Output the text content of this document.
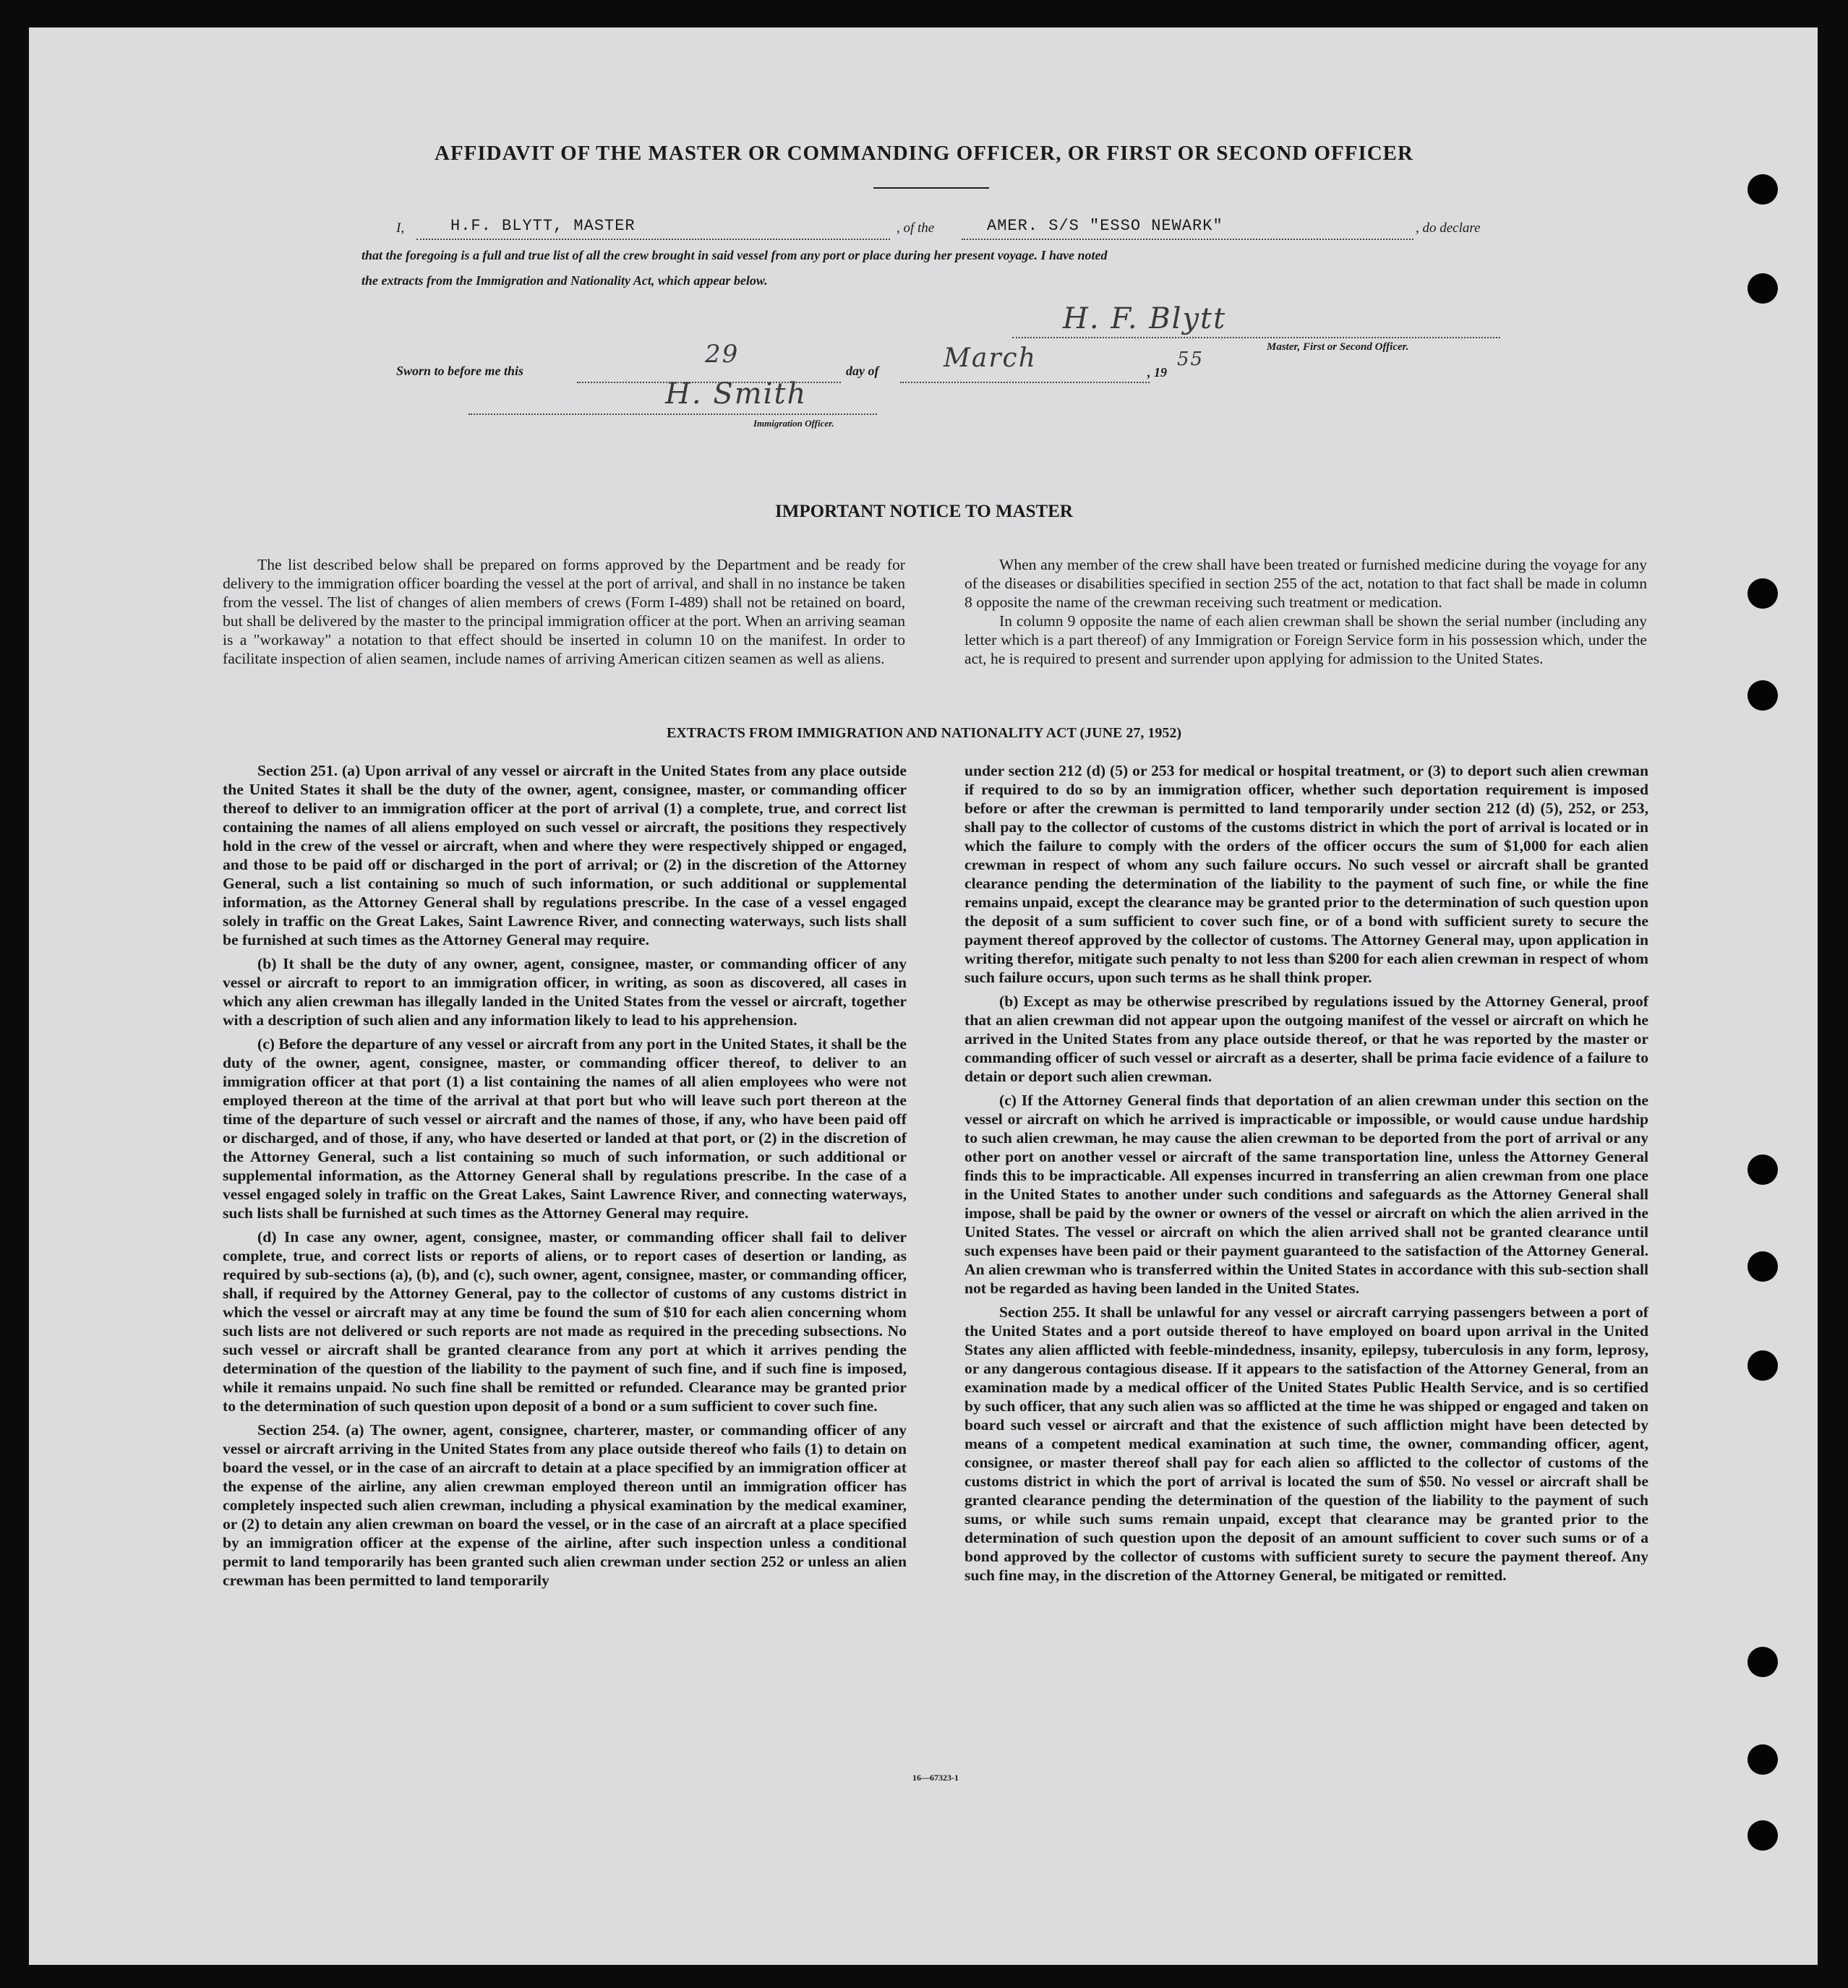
AFFIDAVIT OF THE MASTER OR COMMANDING OFFICER, OR FIRST OR SECOND OFFICER
I,	H.F. BLYTT, MASTER	, of the	AMER. S/S "ESSO NEWARK"	, do declare
that the foregoing is a full and true list of all the crew brought in said vessel from any port or place during her present voyage. I have noted
the extracts from the Immigration and Nationality Act, which appear below.
H. F. Blytt
Master, First or Second Officer.
Sworn to before me this
29
day of March	, 19
55
H. Smith
Immigration Officer.
IMPORTANT NOTICE TO MASTER

The list described below shall be prepared on forms approved by the Department and be ready for delivery to the immigration officer boarding the vessel at the port of arrival, and shall in no instance be taken from the vessel. The list of changes of alien members of crews (Form I-489) shall not be retained on board, but shall be delivered by the master to the principal immigration officer at the port. When an arriving seaman is a "workaway" a notation to that effect should be inserted in column 10 on the manifest. In order to facilitate inspection of alien seamen, include names of arriving American citizen seamen as well as aliens.

When any member of the crew shall have been treated or furnished medicine during the voyage for any of the diseases or disabilities specified in section 255 of the act, notation to that fact shall be made in column 8 opposite the name of the crewman receiving such treatment or medication.

In column 9 opposite the name of each alien crewman shall be shown the serial number (including any letter which is a part thereof) of any Immigration or Foreign Service form in his possession which, under the act, he is required to present and surrender upon applying for admission to the United States.

EXTRACTS FROM IMMIGRATION AND NATIONALITY ACT (JUNE 27, 1952)

Section 251. (a) Upon arrival of any vessel or aircraft in the United States from any place outside the United States it shall be the duty of the owner, agent, consignee, master, or commanding officer thereof to deliver to an immigration officer at the port of arrival (1) a complete, true, and correct list containing the names of all aliens employed on such vessel or aircraft, the positions they respectively hold in the crew of the vessel or aircraft, when and where they were respectively shipped or engaged, and those to be paid off or discharged in the port of arrival; or (2) in the discretion of the Attorney General, such a list containing so much of such information, or such additional or supplemental information, as the Attorney General shall by regulations prescribe. In the case of a vessel engaged solely in traffic on the Great Lakes, Saint Lawrence River, and connecting waterways, such lists shall be furnished at such times as the Attorney General may require.

(b) It shall be the duty of any owner, agent, consignee, master, or commanding officer of any vessel or aircraft to report to an immigration officer, in writing, as soon as discovered, all cases in which any alien crewman has illegally landed in the United States from the vessel or aircraft, together with a description of such alien and any information likely to lead to his apprehension.

(c) Before the departure of any vessel or aircraft from any port in the United States, it shall be the duty of the owner, agent, consignee, master, or commanding officer thereof, to deliver to an immigration officer at that port (1) a list containing the names of all alien employees who were not employed thereon at the time of the arrival at that port but who will leave such port thereon at the time of the departure of such vessel or aircraft and the names of those, if any, who have been paid off or discharged, and of those, if any, who have deserted or landed at that port, or (2) in the discretion of the Attorney General, such a list containing so much of such information, or such additional or supplemental information, as the Attorney General shall by regulations prescribe. In the case of a vessel engaged solely in traffic on the Great Lakes, Saint Lawrence River, and connecting waterways, such lists shall be furnished at such times as the Attorney General may require.

(d) In case any owner, agent, consignee, master, or commanding officer shall fail to deliver complete, true, and correct lists or reports of aliens, or to report cases of desertion or landing, as required by sub-sections (a), (b), and (c), such owner, agent, consignee, master, or commanding officer, shall, if required by the Attorney General, pay to the collector of customs of any customs district in which the vessel or aircraft may at any time be found the sum of $10 for each alien concerning whom such lists are not delivered or such reports are not made as required in the preceding subsections. No such vessel or aircraft shall be granted clearance from any port at which it arrives pending the determination of the question of the liability to the payment of such fine, and if such fine is imposed, while it remains unpaid. No such fine shall be remitted or refunded. Clearance may be granted prior to the determination of such question upon deposit of a bond or a sum sufficient to cover such fine.

Section 254. (a) The owner, agent, consignee, charterer, master, or commanding officer of any vessel or aircraft arriving in the United States from any place outside thereof who fails (1) to detain on board the vessel, or in the case of an aircraft to detain at a place specified by an immigration officer at the expense of the airline, any alien crewman employed thereon until an immigration officer has completely inspected such alien crewman, including a physical examination by the medical examiner, or (2) to detain any alien crewman on board the vessel, or in the case of an aircraft at a place specified by an immigration officer at the expense of the airline, after such inspection unless a conditional permit to land temporarily has been granted such alien crewman under section 252 or unless an alien crewman has been permitted to land temporarily

under section 212 (d) (5) or 253 for medical or hospital treatment, or (3) to deport such alien crewman if required to do so by an immigration officer, whether such deportation requirement is imposed before or after the crewman is permitted to land temporarily under section 212 (d) (5), 252, or 253, shall pay to the collector of customs of the customs district in which the port of arrival is located or in which the failure to comply with the orders of the officer occurs the sum of $1,000 for each alien crewman in respect of whom any such failure occurs. No such vessel or aircraft shall be granted clearance pending the determination of the liability to the payment of such fine, or while the fine remains unpaid, except the clearance may be granted prior to the determination of such question upon the deposit of a sum sufficient to cover such fine, or of a bond with sufficient surety to secure the payment thereof approved by the collector of customs. The Attorney General may, upon application in writing therefor, mitigate such penalty to not less than $200 for each alien crewman in respect of whom such failure occurs, upon such terms as he shall think proper.

(b) Except as may be otherwise prescribed by regulations issued by the Attorney General, proof that an alien crewman did not appear upon the outgoing manifest of the vessel or aircraft on which he arrived in the United States from any place outside thereof, or that he was reported by the master or commanding officer of such vessel or aircraft as a deserter, shall be prima facie evidence of a failure to detain or deport such alien crewman.

(c) If the Attorney General finds that deportation of an alien crewman under this section on the vessel or aircraft on which he arrived is impracticable or impossible, or would cause undue hardship to such alien crewman, he may cause the alien crewman to be deported from the port of arrival or any other port on another vessel or aircraft of the same transportation line, unless the Attorney General finds this to be impracticable. All expenses incurred in transferring an alien crewman from one place in the United States to another under such conditions and safeguards as the Attorney General shall impose, shall be paid by the owner or owners of the vessel or aircraft on which the alien arrived in the United States. The vessel or aircraft on which the alien arrived shall not be granted clearance until such expenses have been paid or their payment guaranteed to the satisfaction of the Attorney General. An alien crewman who is transferred within the United States in accordance with this sub-section shall not be regarded as having been landed in the United States.

Section 255. It shall be unlawful for any vessel or aircraft carrying passengers between a port of the United States and a port outside thereof to have employed on board upon arrival in the United States any alien afflicted with feeble-mindedness, insanity, epilepsy, tuberculosis in any form, leprosy, or any dangerous contagious disease. If it appears to the satisfaction of the Attorney General, from an examination made by a medical officer of the United States Public Health Service, and is so certified by such officer, that any such alien was so afflicted at the time he was shipped or engaged and taken on board such vessel or aircraft and that the existence of such affliction might have been detected by means of a competent medical examination at such time, the owner, commanding officer, agent, consignee, or master thereof shall pay for each alien so afflicted to the collector of customs of the customs district in which the port of arrival is located the sum of $50. No vessel or aircraft shall be granted clearance pending the determination of the question of the liability to the payment of such sums, or while such sums remain unpaid, except that clearance may be granted prior to the determination of such question upon the deposit of an amount sufficient to cover such sums or of a bond approved by the collector of customs with sufficient surety to secure the payment thereof. Any such fine may, in the discretion of the Attorney General, be mitigated or remitted.

16—67323-1
